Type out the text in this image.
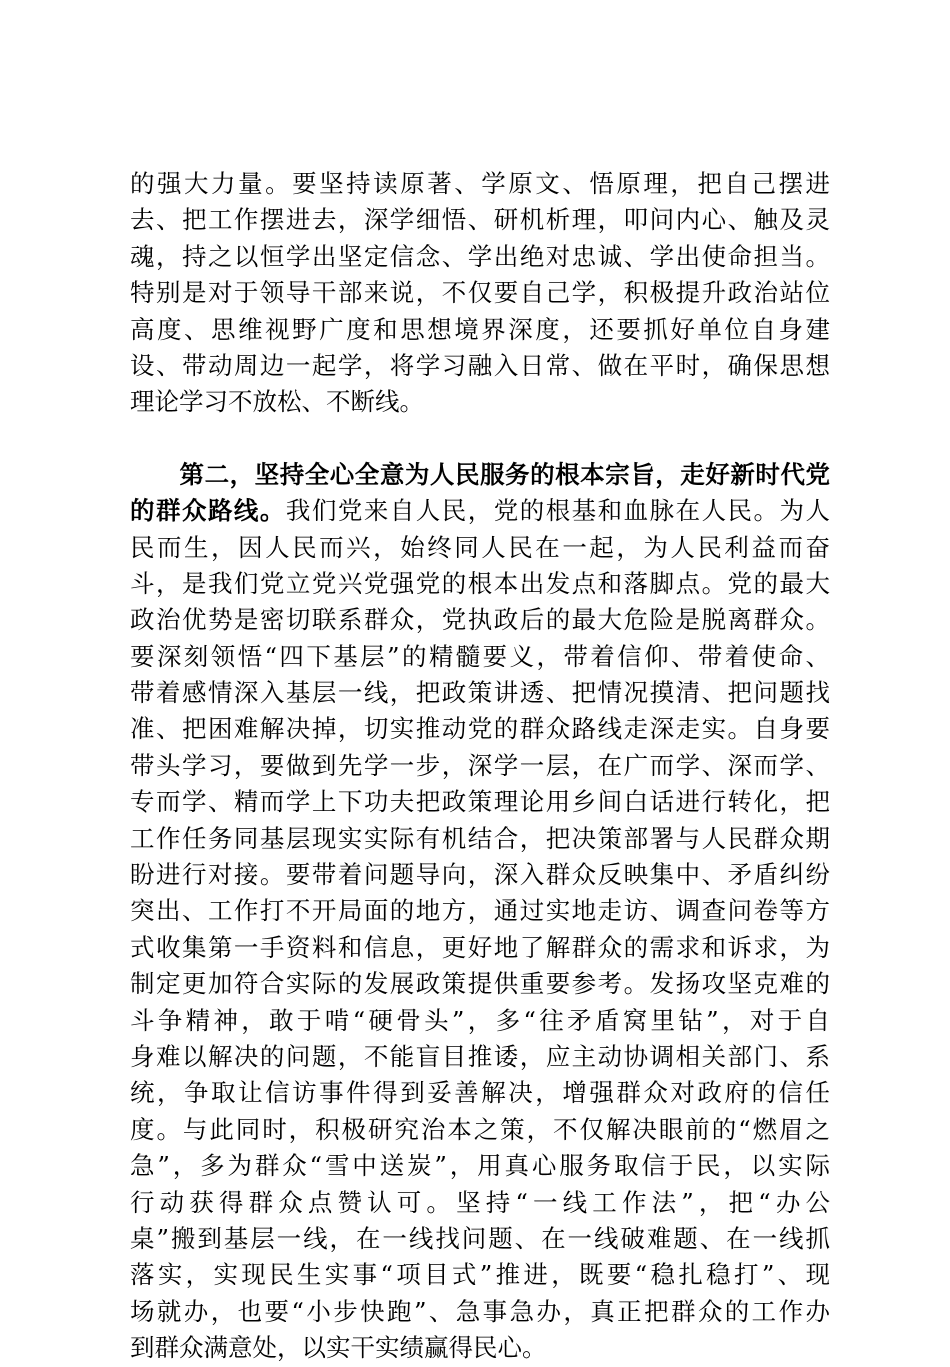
的强大力量。要坚持读原著、学原文、悟原理，把自己摆进
去、把工作摆进去，深学细悟、研机析理，叩问内心、触及灵
魂，持之以恒学出坚定信念、学出绝对忠诚、学出使命担当。
特别是对于领导干部来说，不仅要自己学，积极提升政治站位
高度、思维视野广度和思想境界深度，还要抓好单位自身建
设、带动周边一起学，将学习融入日常、做在平时，确保思想
理论学习不放松、不断线。
第二，坚持全心全意为人民服务的根本宗旨，走好新时代党
的群众路线。我们党来自人民，党的根基和血脉在人民。为人
民而生，因人民而兴，始终同人民在一起，为人民利益而奋
斗，是我们党立党兴党强党的根本出发点和落脚点。党的最大
政治优势是密切联系群众，党执政后的最大危险是脱离群众。
要深刻领悟“四下基层”的精髓要义，带着信仰、带着使命、
带着感情深入基层一线，把政策讲透、把情况摸清、把问题找
准、把困难解决掉，切实推动党的群众路线走深走实。自身要
带头学习，要做到先学一步，深学一层，在广而学、深而学、
专而学、精而学上下功夫把政策理论用乡间白话进行转化，把
工作任务同基层现实实际有机结合，把决策部署与人民群众期
盼进行对接。要带着问题导向，深入群众反映集中、矛盾纠纷
突出、工作打不开局面的地方，通过实地走访、调查问卷等方
式收集第一手资料和信息，更好地了解群众的需求和诉求，为
制定更加符合实际的发展政策提供重要参考。发扬攻坚克难的
斗争精神，敢于啃“硬骨头”，多“往矛盾窝里钻”，对于自
身难以解决的问题，不能盲目推诿，应主动协调相关部门、系
统，争取让信访事件得到妥善解决，增强群众对政府的信任
度。与此同时，积极研究治本之策，不仅解决眼前的“燃眉之
急”，多为群众“雪中送炭”，用真心服务取信于民，以实际
行动获得群众点赞认可。坚持“一线工作法”，把“办公
桌”搬到基层一线，在一线找问题、在一线破难题、在一线抓
落实，实现民生实事“项目式”推进，既要“稳扎稳打”、现
场就办，也要“小步快跑”、急事急办，真正把群众的工作办
到群众满意处，以实干实绩赢得民心。
